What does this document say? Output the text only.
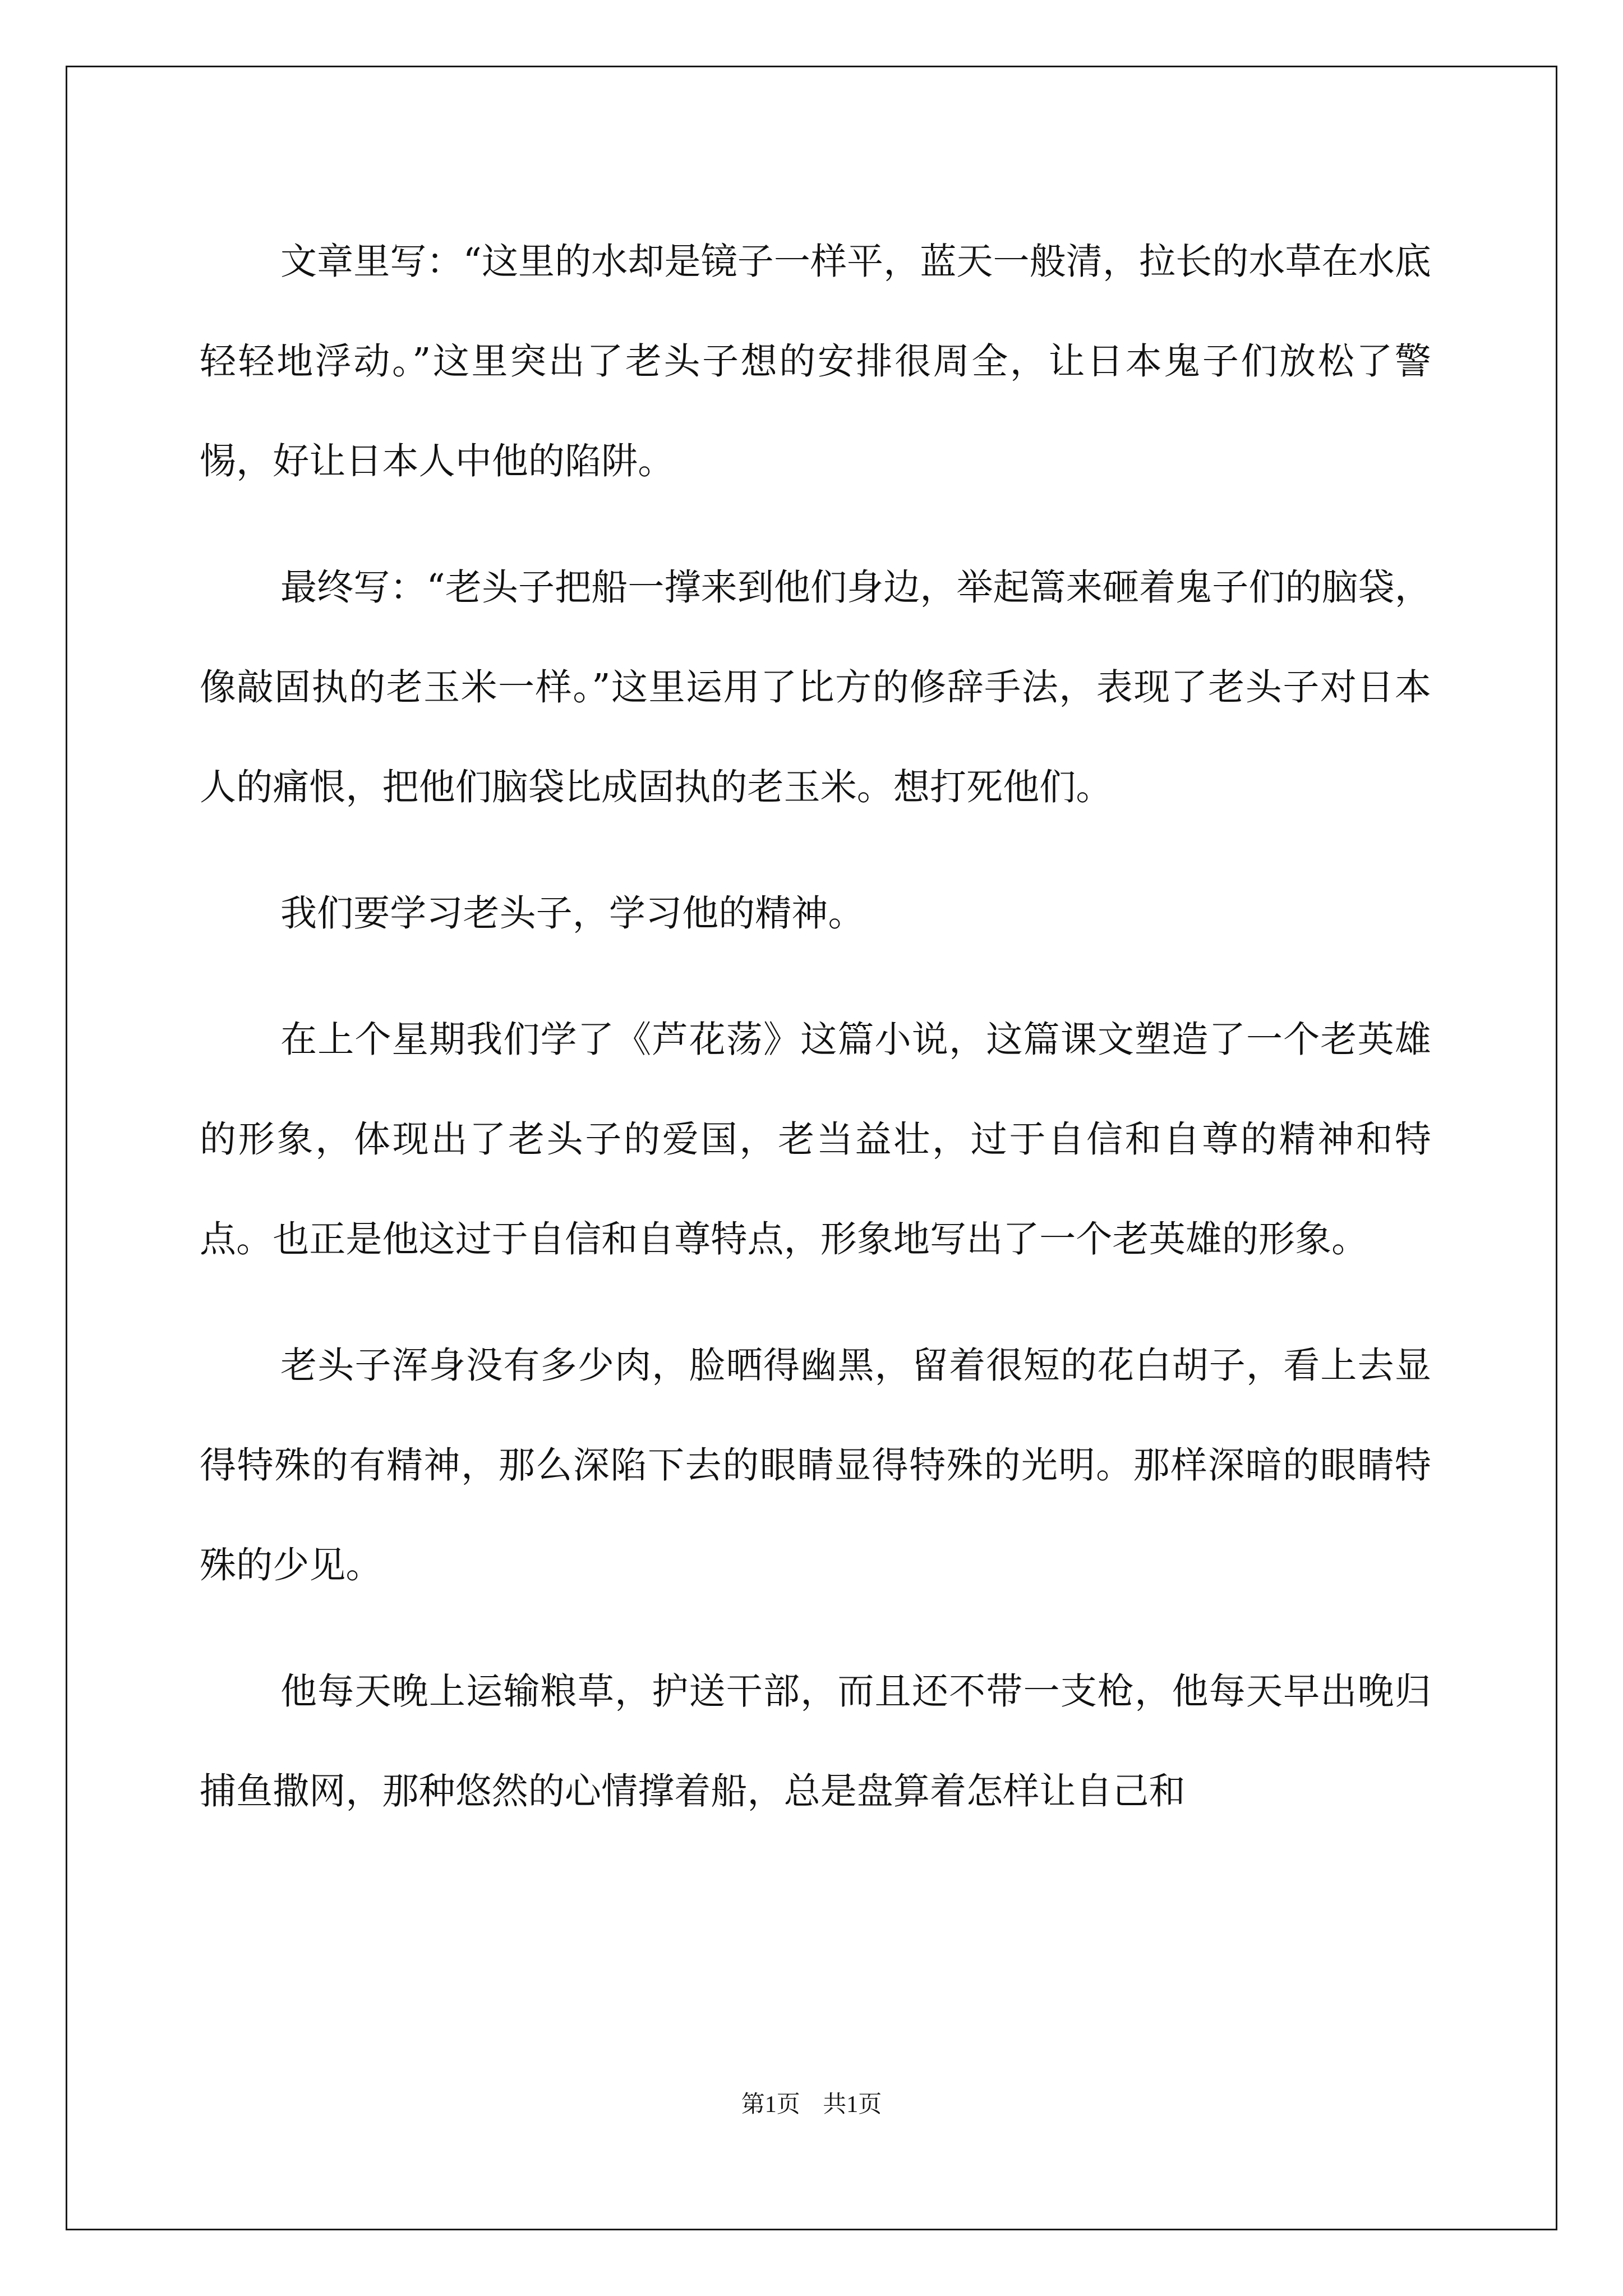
文章里写：“这里的水却是镜子一样平，蓝天一般清，拉长的水草在水底轻轻地浮动。”这里突出了老头子想的安排很周全，让日本鬼子们放松了警惕，好让日本人中他的陷阱。

最终写：“老头子把船一撑来到他们身边，举起篙来砸着鬼子们的脑袋，像敲固执的老玉米一样。”这里运用了比方的修辞手法，表现了老头子对日本人的痛恨，把他们脑袋比成固执的老玉米。想打死他们。

我们要学习老头子，学习他的精神。

在上个星期我们学了《芦花荡》这篇小说，这篇课文塑造了一个老英雄的形象，体现出了老头子的爱国，老当益壮，过于自信和自尊的精神和特点。也正是他这过于自信和自尊特点，形象地写出了一个老英雄的形象。

老头子浑身没有多少肉，脸晒得幽黑，留着很短的花白胡子，看上去显得特殊的有精神，那么深陷下去的眼睛显得特殊的光明。那样深暗的眼睛特殊的少见。

他每天晚上运输粮草，护送干部，而且还不带一支枪，他每天早出晚归捕鱼撒网，那种悠然的心情撑着船，总是盘算着怎样让自己和

第1页 共1页
